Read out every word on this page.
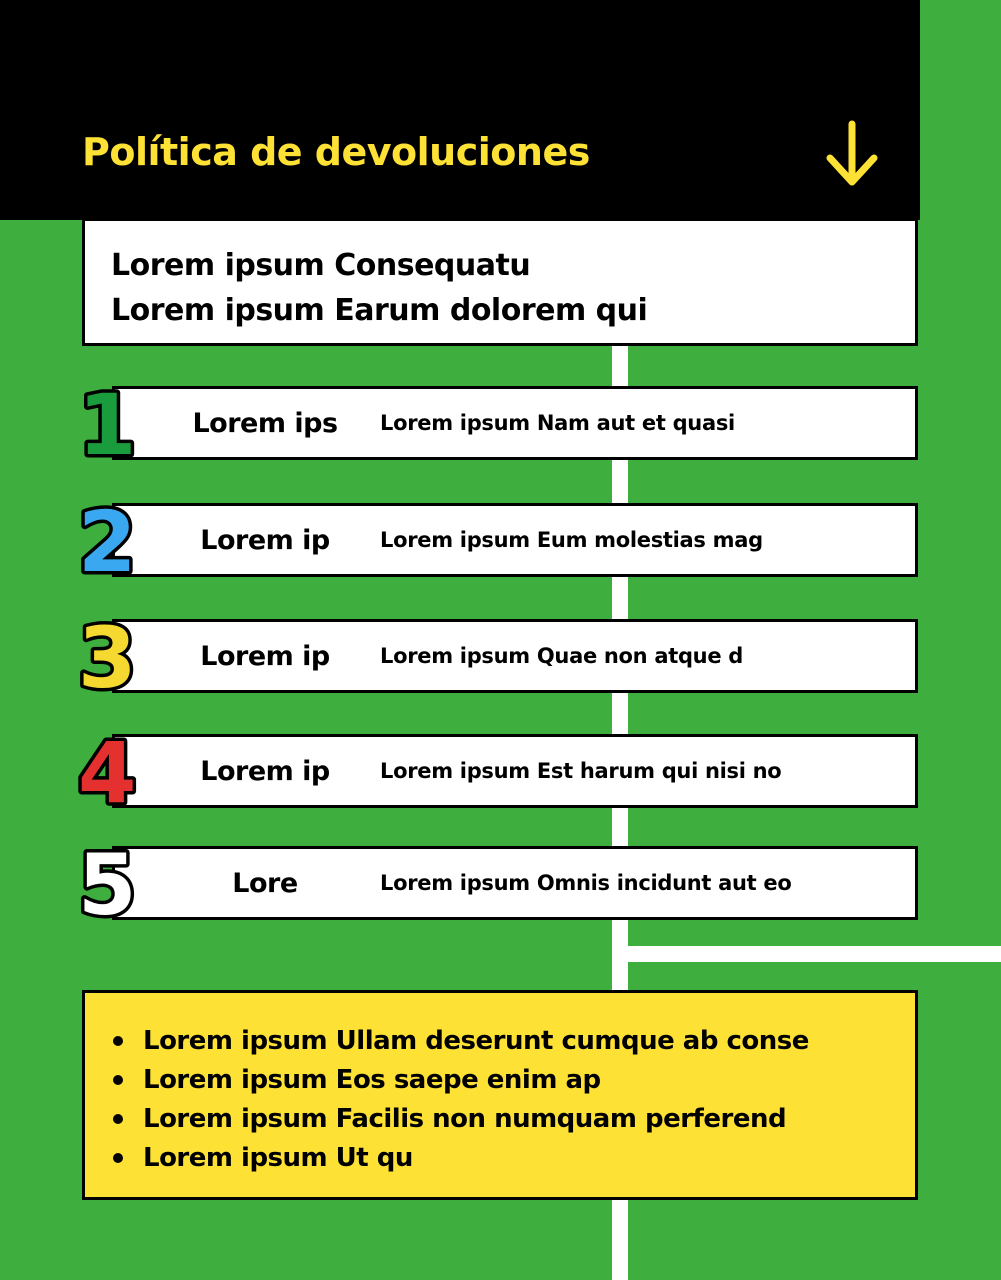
Política de devoluciones
Lorem ipsum Consequatu
Lorem ipsum Earum dolorem qui
Lorem ips	Lorem ipsum Nam aut et quasi
1
Lorem ip	Lorem ipsum Eum molestias mag
2
Lorem ip	Lorem ipsum Quae non atque d
3
Lorem ip	Lorem ipsum Est harum qui nisi no
4
Lore	Lorem ipsum Omnis incidunt aut eo
5
Lorem ipsum Ullam deserunt cumque ab conse
Lorem ipsum Eos saepe enim ap
Lorem ipsum Facilis non numquam perferend
Lorem ipsum Ut qu
